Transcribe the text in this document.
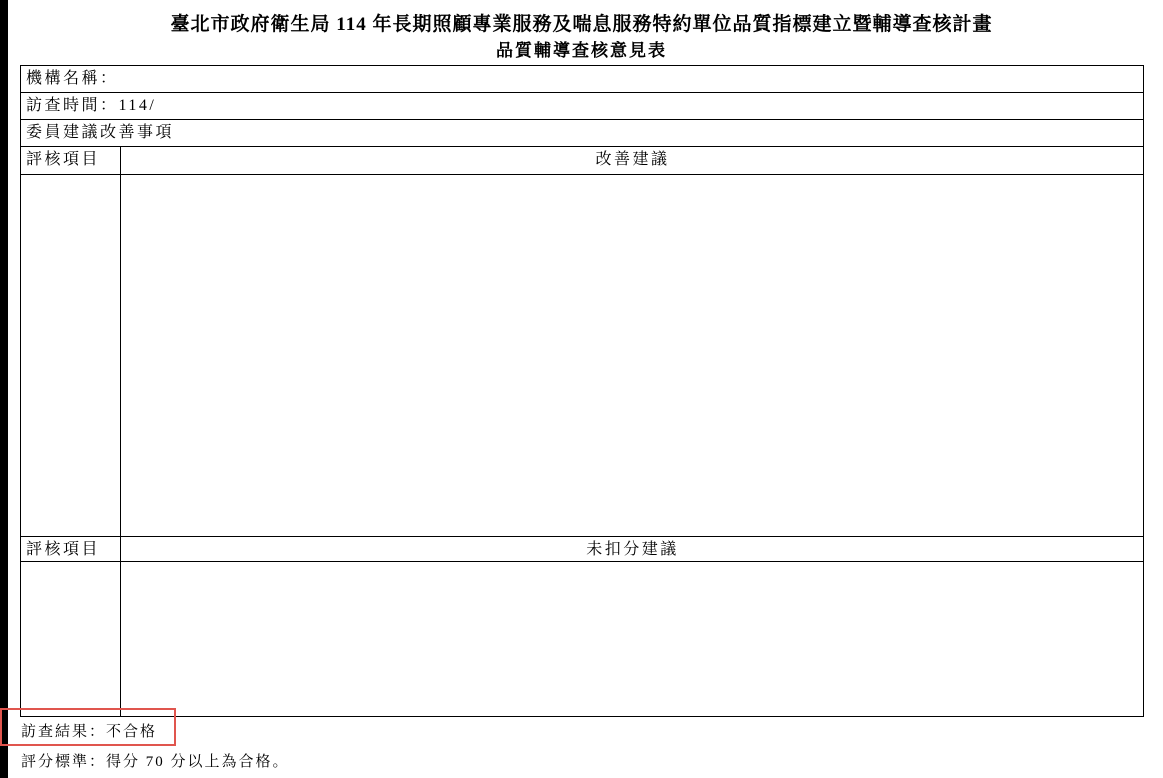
臺北市政府衛生局 114 年長期照顧專業服務及喘息服務特約單位品質指標建立暨輔導查核計畫
品質輔導查核意見表
機構名稱：	
訪查時間：114/	
委員建議改善事項	
評核項目	改善建議

評核項目	未扣分建議

訪查結果：不合格
評分標準：得分 70 分以上為合格。
